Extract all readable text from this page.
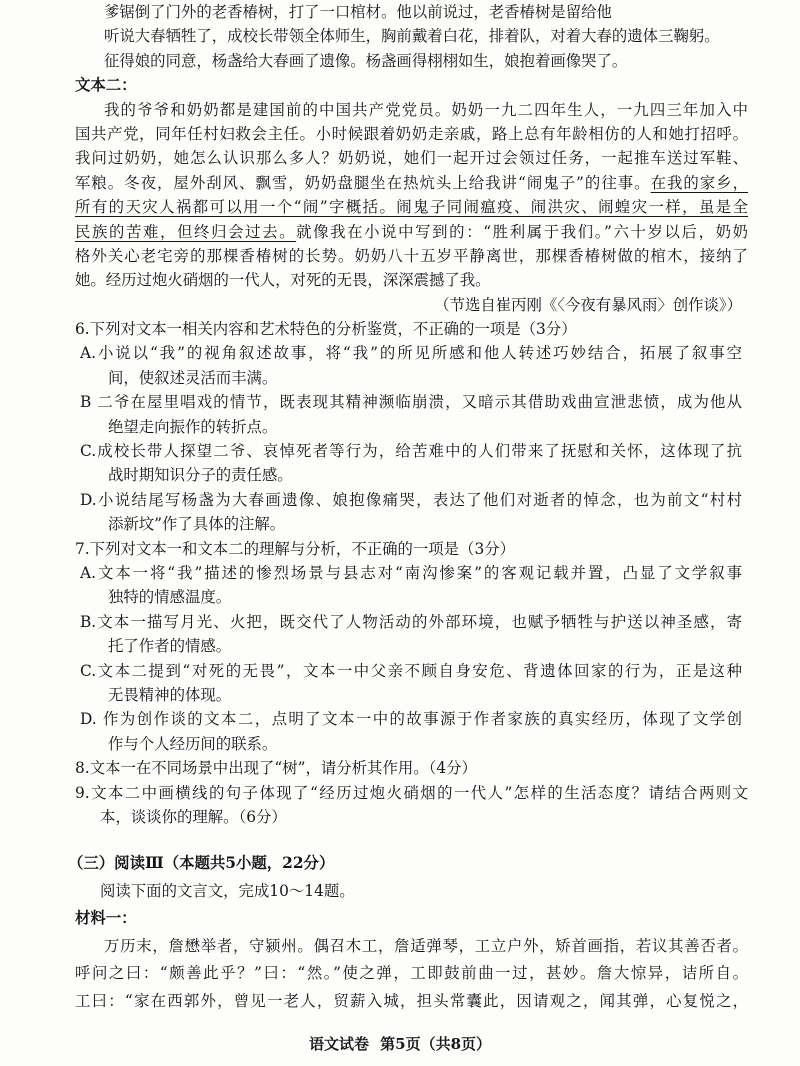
爹锯倒了门外的老香椿树，打了一口棺材。他以前说过，老香椿树是留给他
听说大春牺牲了，成校长带领全体师生，胸前戴着白花，排着队，对着大春的遗体三鞠躬。
征得娘的同意，杨盏给大春画了遗像。杨盏画得栩栩如生，娘抱着画像哭了。
文本二：
我的爷爷和奶奶都是建国前的中国共产党党员。奶奶一九二四年生人，一九四三年加入中
国共产党，同年任村妇救会主任。小时候跟着奶奶走亲戚，路上总有年龄相仿的人和她打招呼。
我问过奶奶，她怎么认识那么多人？奶奶说，她们一起开过会领过任务，一起推车送过军鞋、
军粮。冬夜，屋外刮风、飘雪，奶奶盘腿坐在热炕头上给我讲“闹鬼子”的往事。在我的家乡，
所有的天灾人祸都可以用一个“闹”字概括。闹鬼子同闹瘟疫、闹洪灾、闹蝗灾一样，虽是全
民族的苦难，但终归会过去。就像我在小说中写到的：“胜利属于我们。”六十岁以后，奶奶
格外关心老宅旁的那棵香椿树的长势。奶奶八十五岁平静离世，那棵香椿树做的棺木，接纳了
她。经历过炮火硝烟的一代人，对死的无畏，深深震撼了我。
（节选自崔丙刚《〈今夜有暴风雨〉创作谈》）
6.下列对文本一相关内容和艺术特色的分析鉴赏，不正确的一项是（3分）
A.小说以“我”的视角叙述故事，将“我”的所见所感和他人转述巧妙结合，拓展了叙事空
间，使叙述灵活而丰满。
B 二爷在屋里唱戏的情节，既表现其精神濒临崩溃，又暗示其借助戏曲宣泄悲愤，成为他从
绝望走向振作的转折点。
C.成校长带人探望二爷、哀悼死者等行为，给苦难中的人们带来了抚慰和关怀，这体现了抗
战时期知识分子的责任感。
D.小说结尾写杨盏为大春画遗像、娘抱像痛哭，表达了他们对逝者的悼念，也为前文“村村
添新坟”作了具体的注解。
7.下列对文本一和文本二的理解与分析，不正确的一项是（3分）
A.文本一将“我”描述的惨烈场景与县志对“南沟惨案”的客观记载并置，凸显了文学叙事
独特的情感温度。
B.文本一描写月光、火把，既交代了人物活动的外部环境，也赋予牺牲与护送以神圣感，寄
托了作者的情感。
C.文本二提到“对死的无畏”，文本一中父亲不顾自身安危、背遗体回家的行为，正是这种
无畏精神的体现。
D. 作为创作谈的文本二，点明了文本一中的故事源于作者家族的真实经历，体现了文学创
作与个人经历间的联系。
8.文本一在不同场景中出现了“树”，请分析其作用。（4分）
9.文本二中画横线的句子体现了“经历过炮火硝烟的一代人”怎样的生活态度？请结合两则文
本，谈谈你的理解。（6分）
（三）阅读Ⅲ（本题共5小题，22分）
阅读下面的文言文，完成10～14题。
材料一：
万历末，詹懋举者，守颍州。偶召木工，詹适弹琴，工立户外，矫首画指，若议其善否者。
呼问之曰：“颇善此乎？”曰：“然。”使之弹，工即鼓前曲一过，甚妙。詹大惊异，诘所自。
工曰：“家在西郭外，曾见一老人，贸薪入城，担头常囊此，因请观之，闻其弹，心复悦之，
语文试卷 第5页（共8页）
